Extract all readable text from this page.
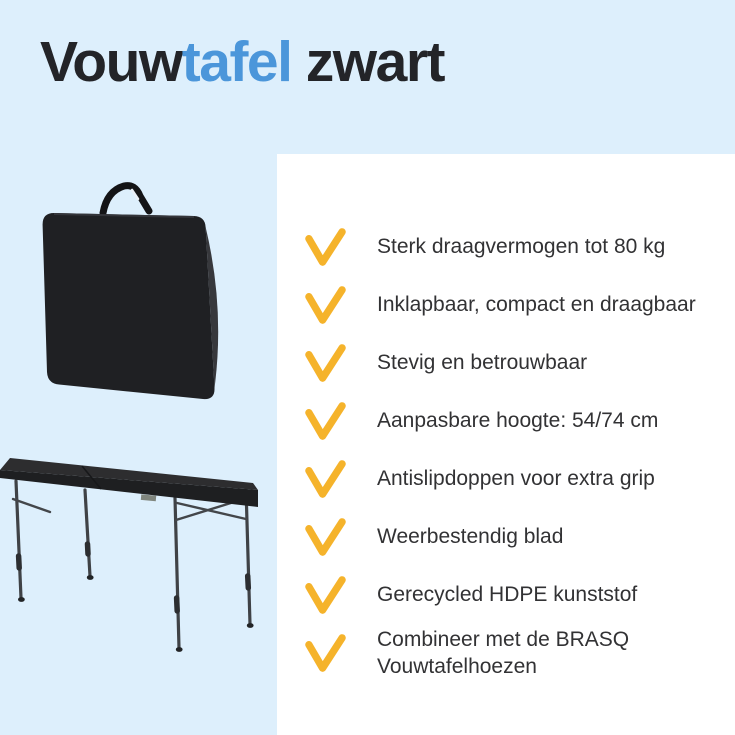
Vouwtafel zwart
Sterk draagvermogen tot 80 kg
Inklapbaar, compact en draagbaar
Stevig en betrouwbaar
Aanpasbare hoogte: 54/74 cm
Antislipdoppen voor extra grip
Weerbestendig blad
Gerecycled HDPE kunststof
Combineer met de BRASQ Vouwtafelhoezen
